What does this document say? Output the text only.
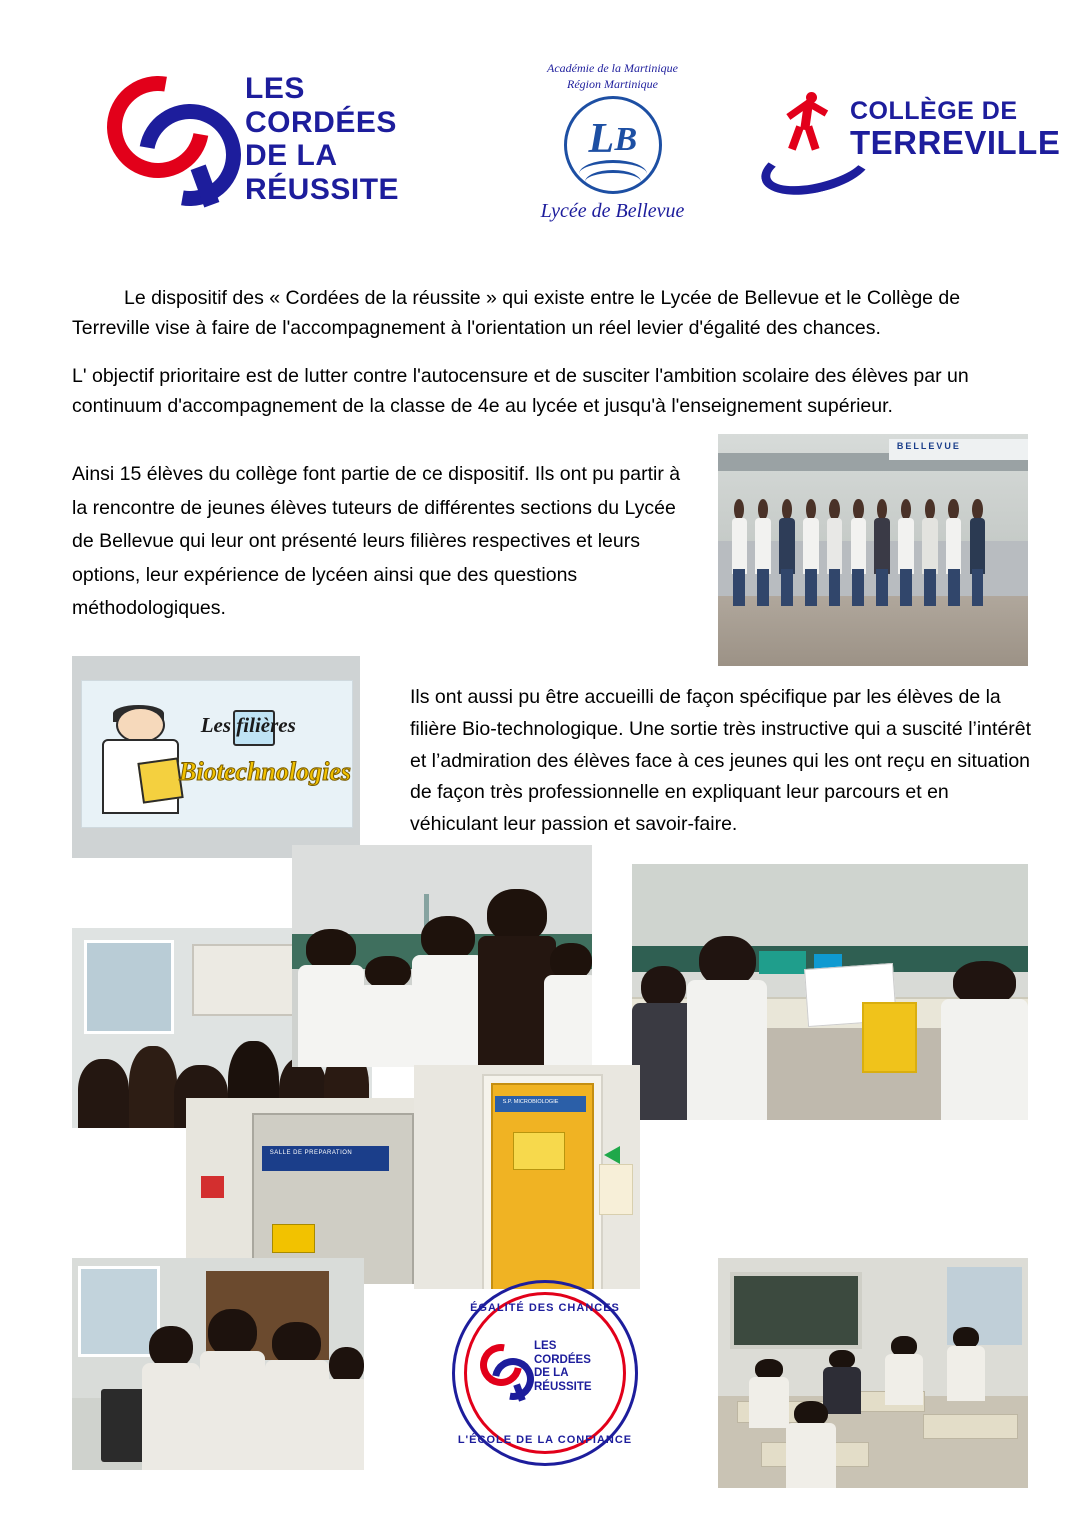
LES
CORDÉES
DE LA
RÉUSSITE
Académie de la Martinique
Région Martinique
L B
Lycée de Bellevue
COLLÈGE DE
TERREVILLE

Le dispositif des « Cordées de la réussite » qui existe entre le Lycée de Bellevue et le Collège de Terreville vise à faire de l'accompagnement à l'orientation un réel levier d'égalité des chances.

L' objectif prioritaire est de lutter contre l'autocensure et de susciter l'ambition scolaire des élèves par un continuum d'accompagnement de la classe de 4e au lycée et jusqu'à l'enseignement supérieur.

Ainsi 15 élèves du collège font partie de ce dispositif. Ils ont pu partir à la rencontre de jeunes élèves tuteurs de différentes sections du Lycée de Bellevue qui leur ont présenté leurs filières respectives et leurs options, leur expérience de lycéen ainsi que des questions méthodologiques.

Ils ont aussi pu être accueilli de façon spécifique par les élèves de la filière Bio-technologique. Une sortie très instructive qui a suscité l’intérêt et l’admiration des élèves face à ces jeunes qui les ont reçu en situation de façon très professionnelle en expliquant leur parcours et en véhiculant leur passion et savoir-faire.

BELLEVUE
Les filières
Biotechnologies
SALLE DE PREPARATION
S.P. MICROBIOLOGIE
ÉGALITÉ DES CHANCES
LES
CORDÉES
DE LA
RÉUSSITE
L'ÉCOLE DE LA CONFIANCE
